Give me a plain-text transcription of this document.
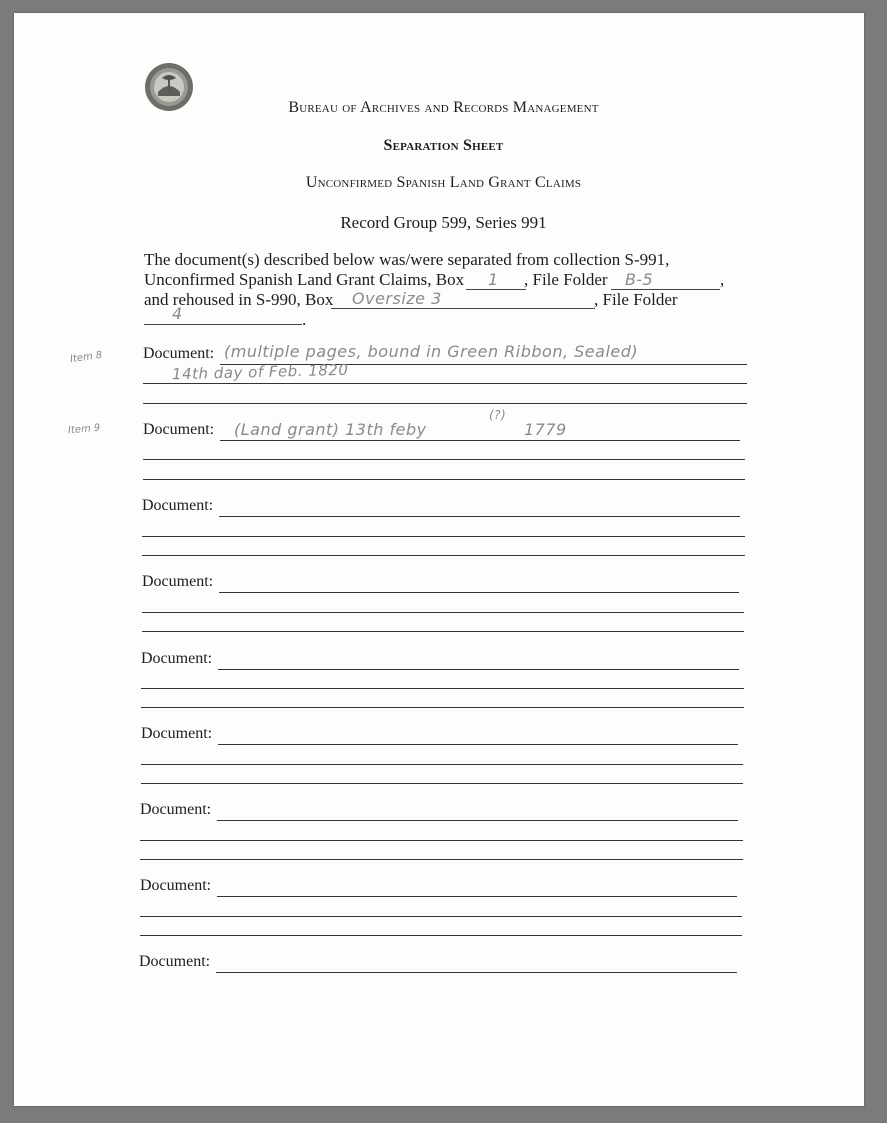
Bureau of Archives and Records Management
Separation Sheet
Unconfirmed Spanish Land Grant Claims
Record Group 599, Series 991
The document(s) described below was/were separated from collection S-991,
Unconfirmed Spanish Land Grant Claims, Box 1 , File Folder B-5	,
and rehoused in S-990, Box Oversize 3	, File Folder
4	.
Item 8
Item 9
Document: (multiple pages, bound in Green Ribbon, Sealed)
14th day of Feb. 1820
Document: (Land grant) 13th feby
(?)
1779
Document:
Document:
Document:
Document:
Document:
Document:
Document:
